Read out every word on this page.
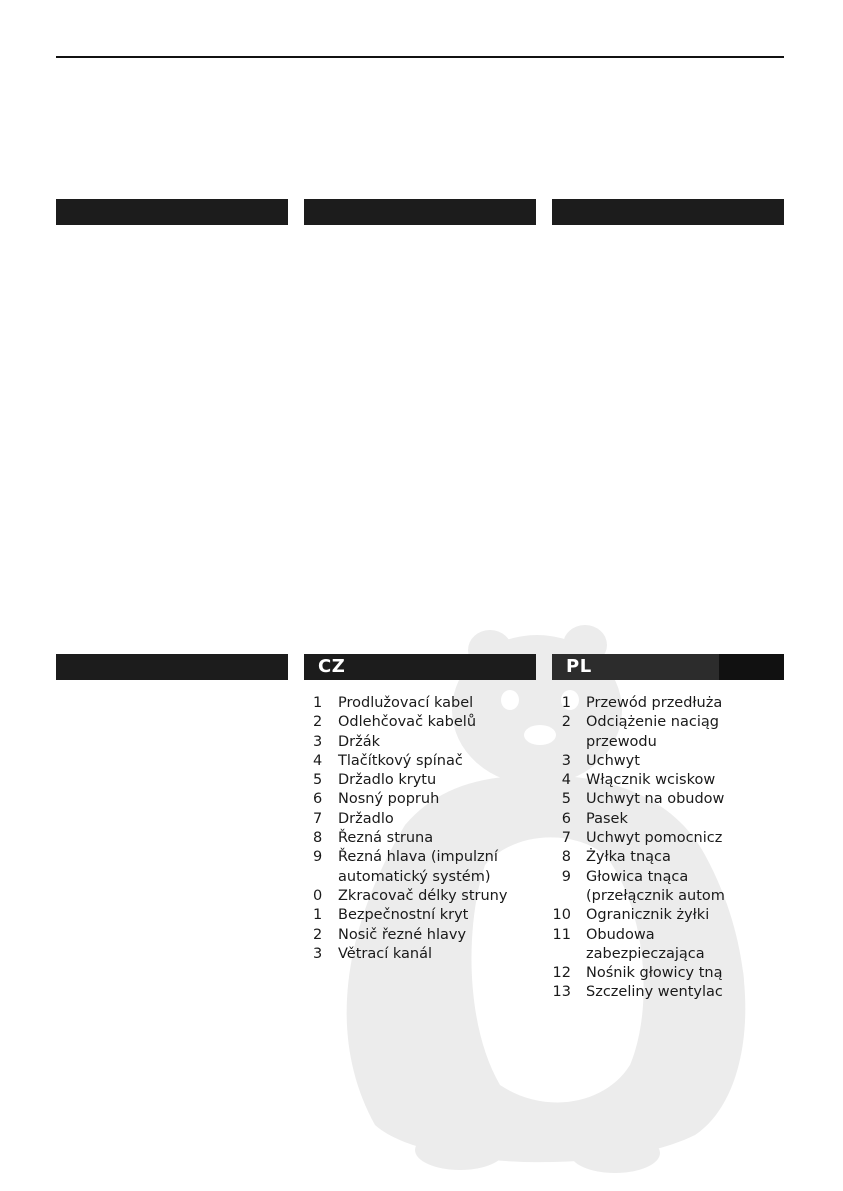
CZ	PL
1	Prodlužovací kabel
2	Odlehčovač kabelů
3	Držák
4	Tlačítkový spínač
5	Držadlo krytu
6	Nosný popruh
7	Držadlo
8	Řezná struna
9	Řezná hlava (impulzní
automatický systém)
0	Zkracovač délky struny
1	Bezpečnostní kryt
2	Nosič řezné hlavy
3	Větrací kanál
1	Przewód przedłuża
2	Odciążenie naciąg
przewodu
3	Uchwyt
4	Włącznik wciskow
5	Uchwyt na obudow
6	Pasek
7	Uchwyt pomocnicz
8	Żyłka tnąca
9	Głowica tnąca
(przełącznik autom
10	Ogranicznik żyłki
11	Obudowa
zabezpieczająca
12	Nośnik głowicy tną
13	Szczeliny wentylac
